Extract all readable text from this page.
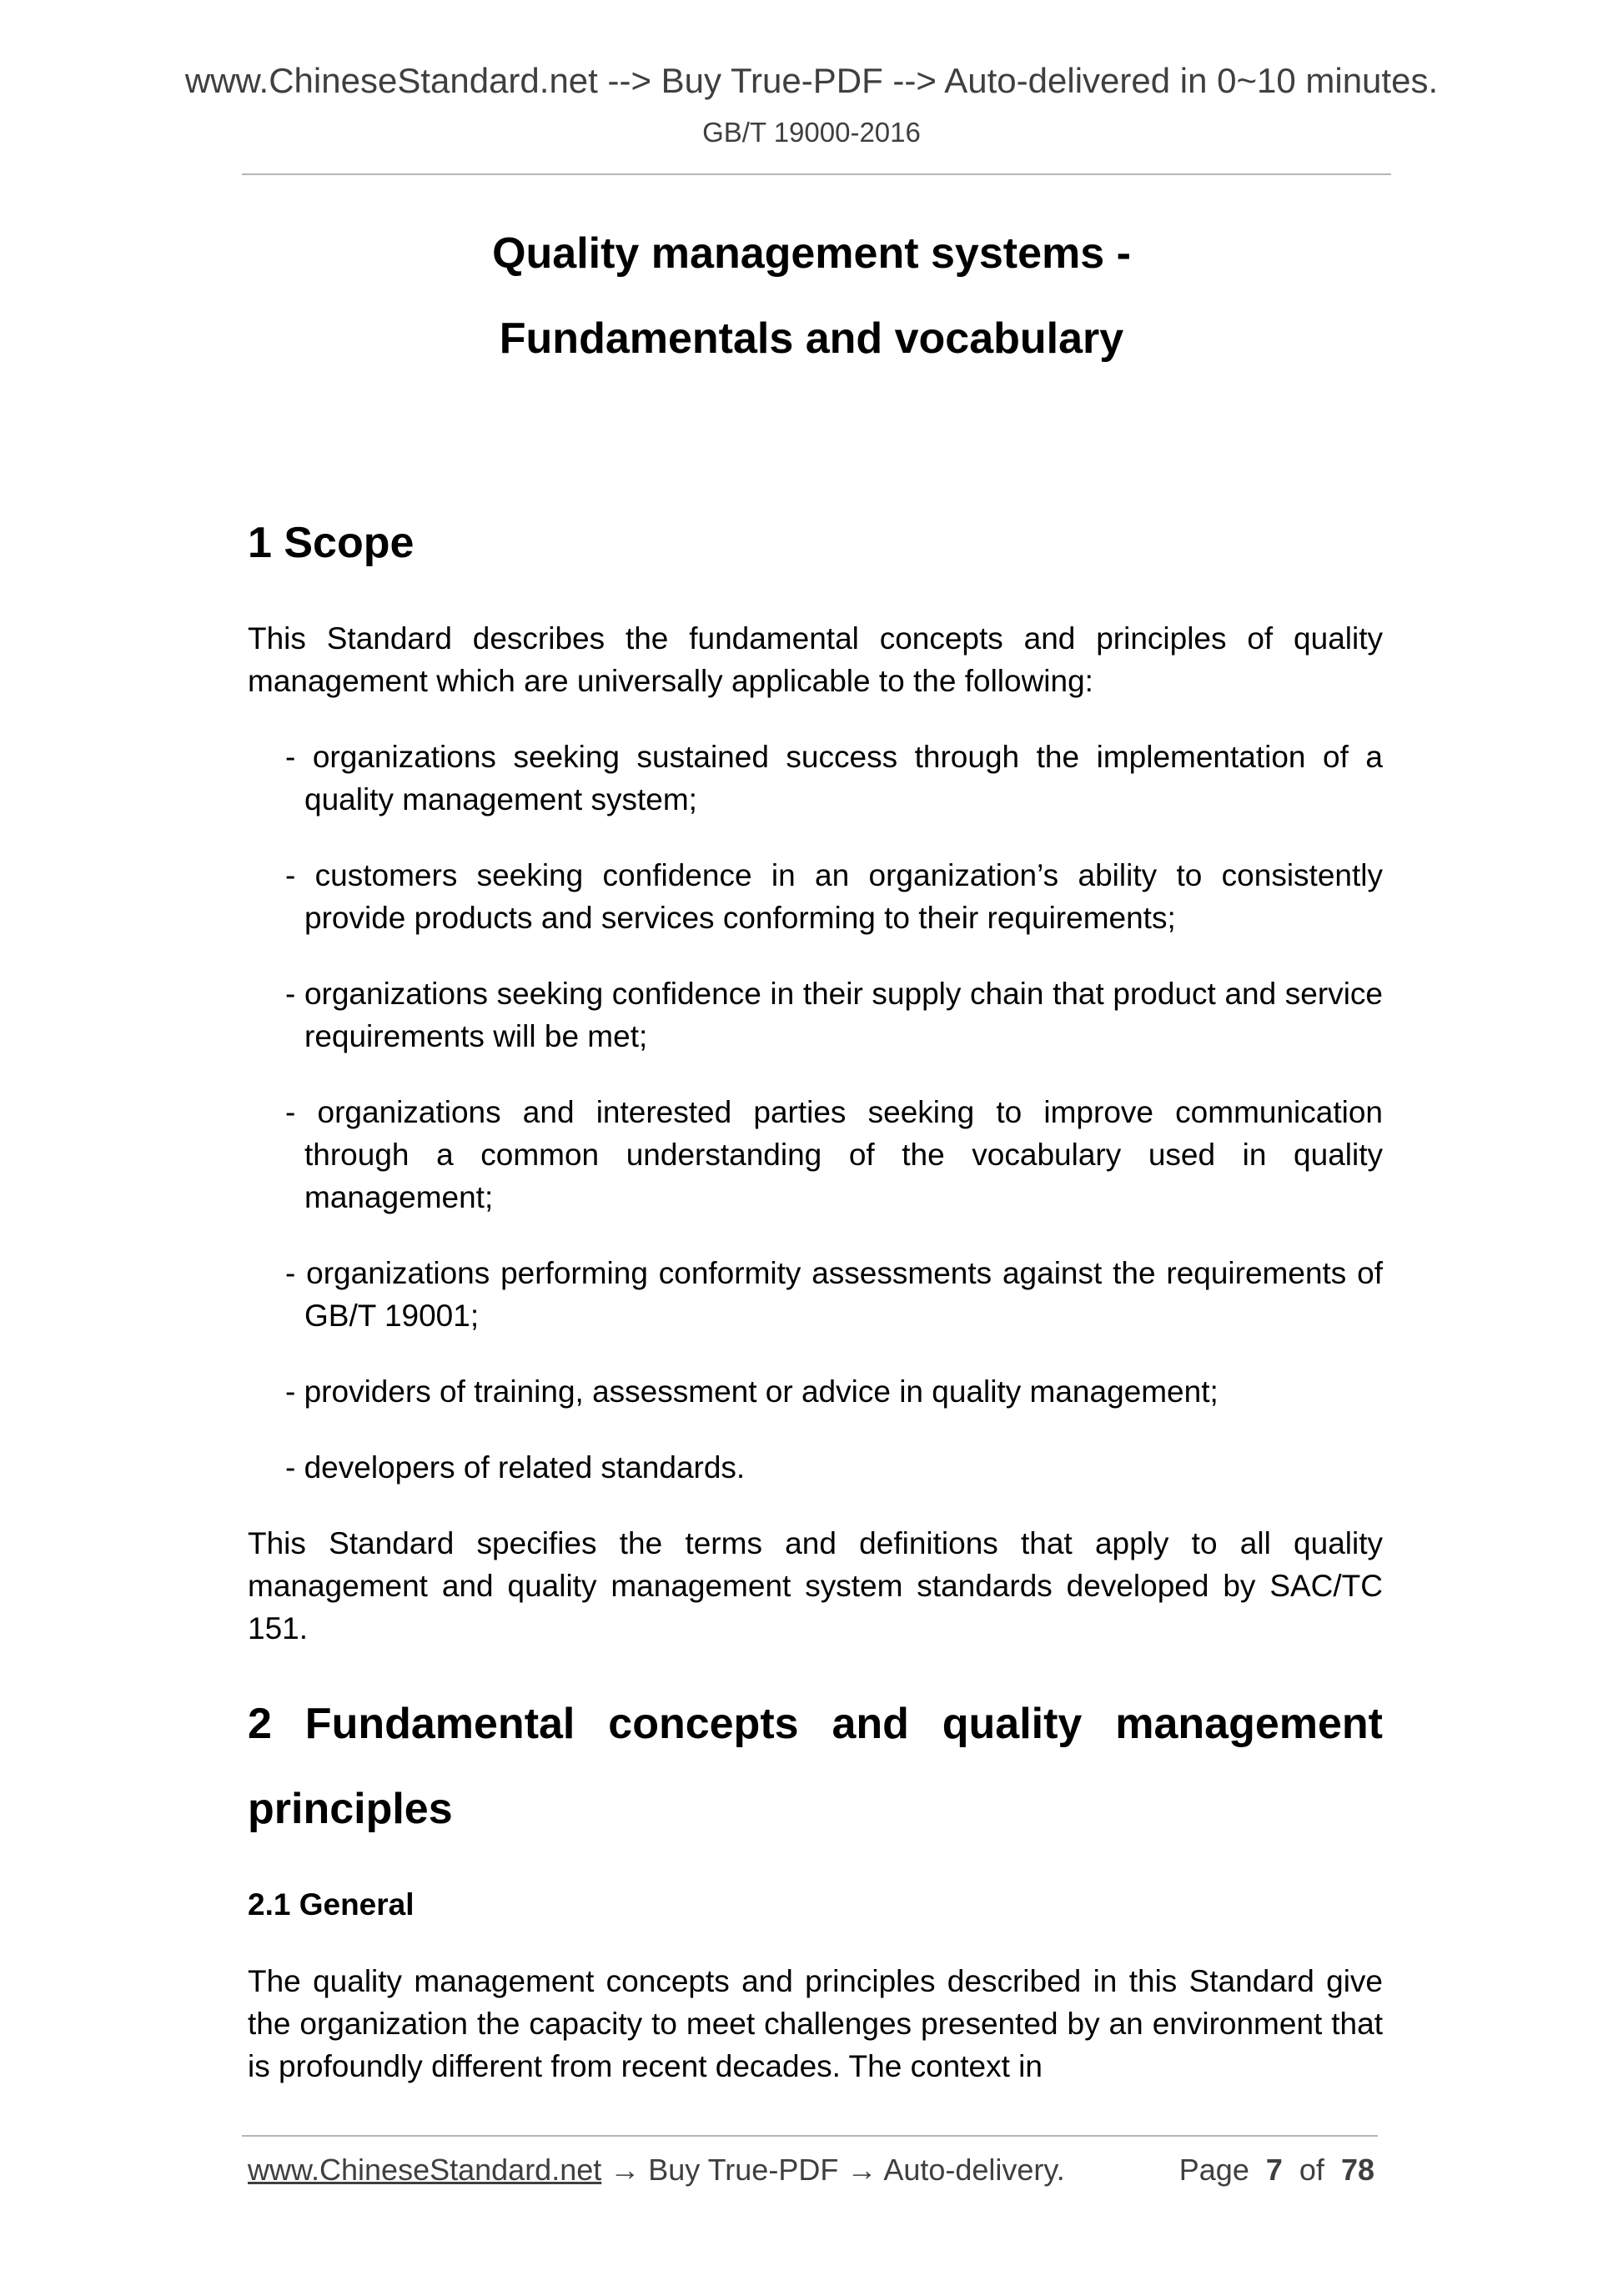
www.ChineseStandard.net --> Buy True-PDF --> Auto-delivered in 0~10 minutes.
GB/T 19000-2016
Quality management systems -
Fundamentals and vocabulary
1 Scope

This Standard describes the fundamental concepts and principles of quality management which are universally applicable to the following:

- organizations seeking sustained success through the implementation of a quality management system;

- customers seeking confidence in an organization’s ability to consistently provide products and services conforming to their requirements;

- organizations seeking confidence in their supply chain that product and service requirements will be met;

- organizations and interested parties seeking to improve communication through a common understanding of the vocabulary used in quality management;

- organizations performing conformity assessments against the requirements of GB/T 19001;

- providers of training, assessment or advice in quality management;

- developers of related standards.

This Standard specifies the terms and definitions that apply to all quality management and quality management system standards developed by SAC/TC 151.

2 Fundamental concepts and quality management principles
2.1 General

The quality management concepts and principles described in this Standard give the organization the capacity to meet challenges presented by an environment that is profoundly different from recent decades. The context in

www.ChineseStandard.net → Buy True-PDF → Auto-delivery.	Page 7 of 78
